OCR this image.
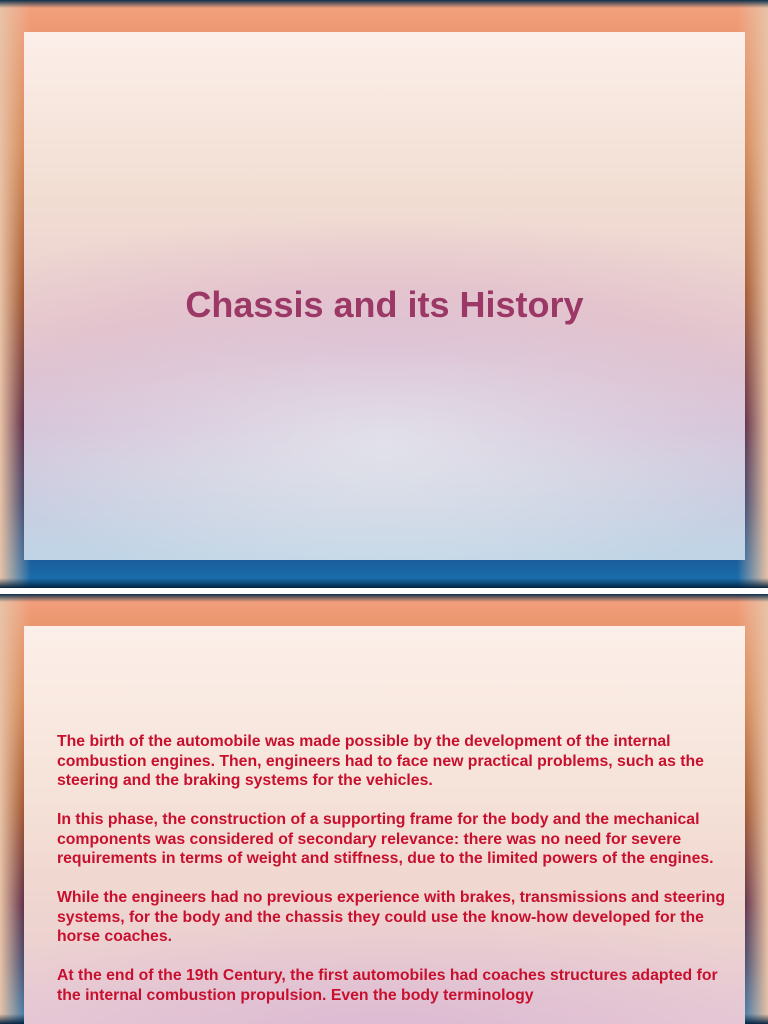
Chassis and its History

The birth of the automobile was made possible by the development of the internal combustion engines. Then, engineers had to face new practical problems, such as the steering and the braking systems for the vehicles.

In this phase, the construction of a supporting frame for the body and the mechanical components was considered of secondary relevance: there was no need for severe requirements in terms of weight and stiffness, due to the limited powers of the engines.

While the engineers had no previous experience with brakes, transmissions and steering systems, for the body and the chassis they could use the know-how developed for the horse coaches.

At the end of the 19th Century, the first automobiles had coaches structures adapted for the internal combustion propulsion. Even the body terminology
